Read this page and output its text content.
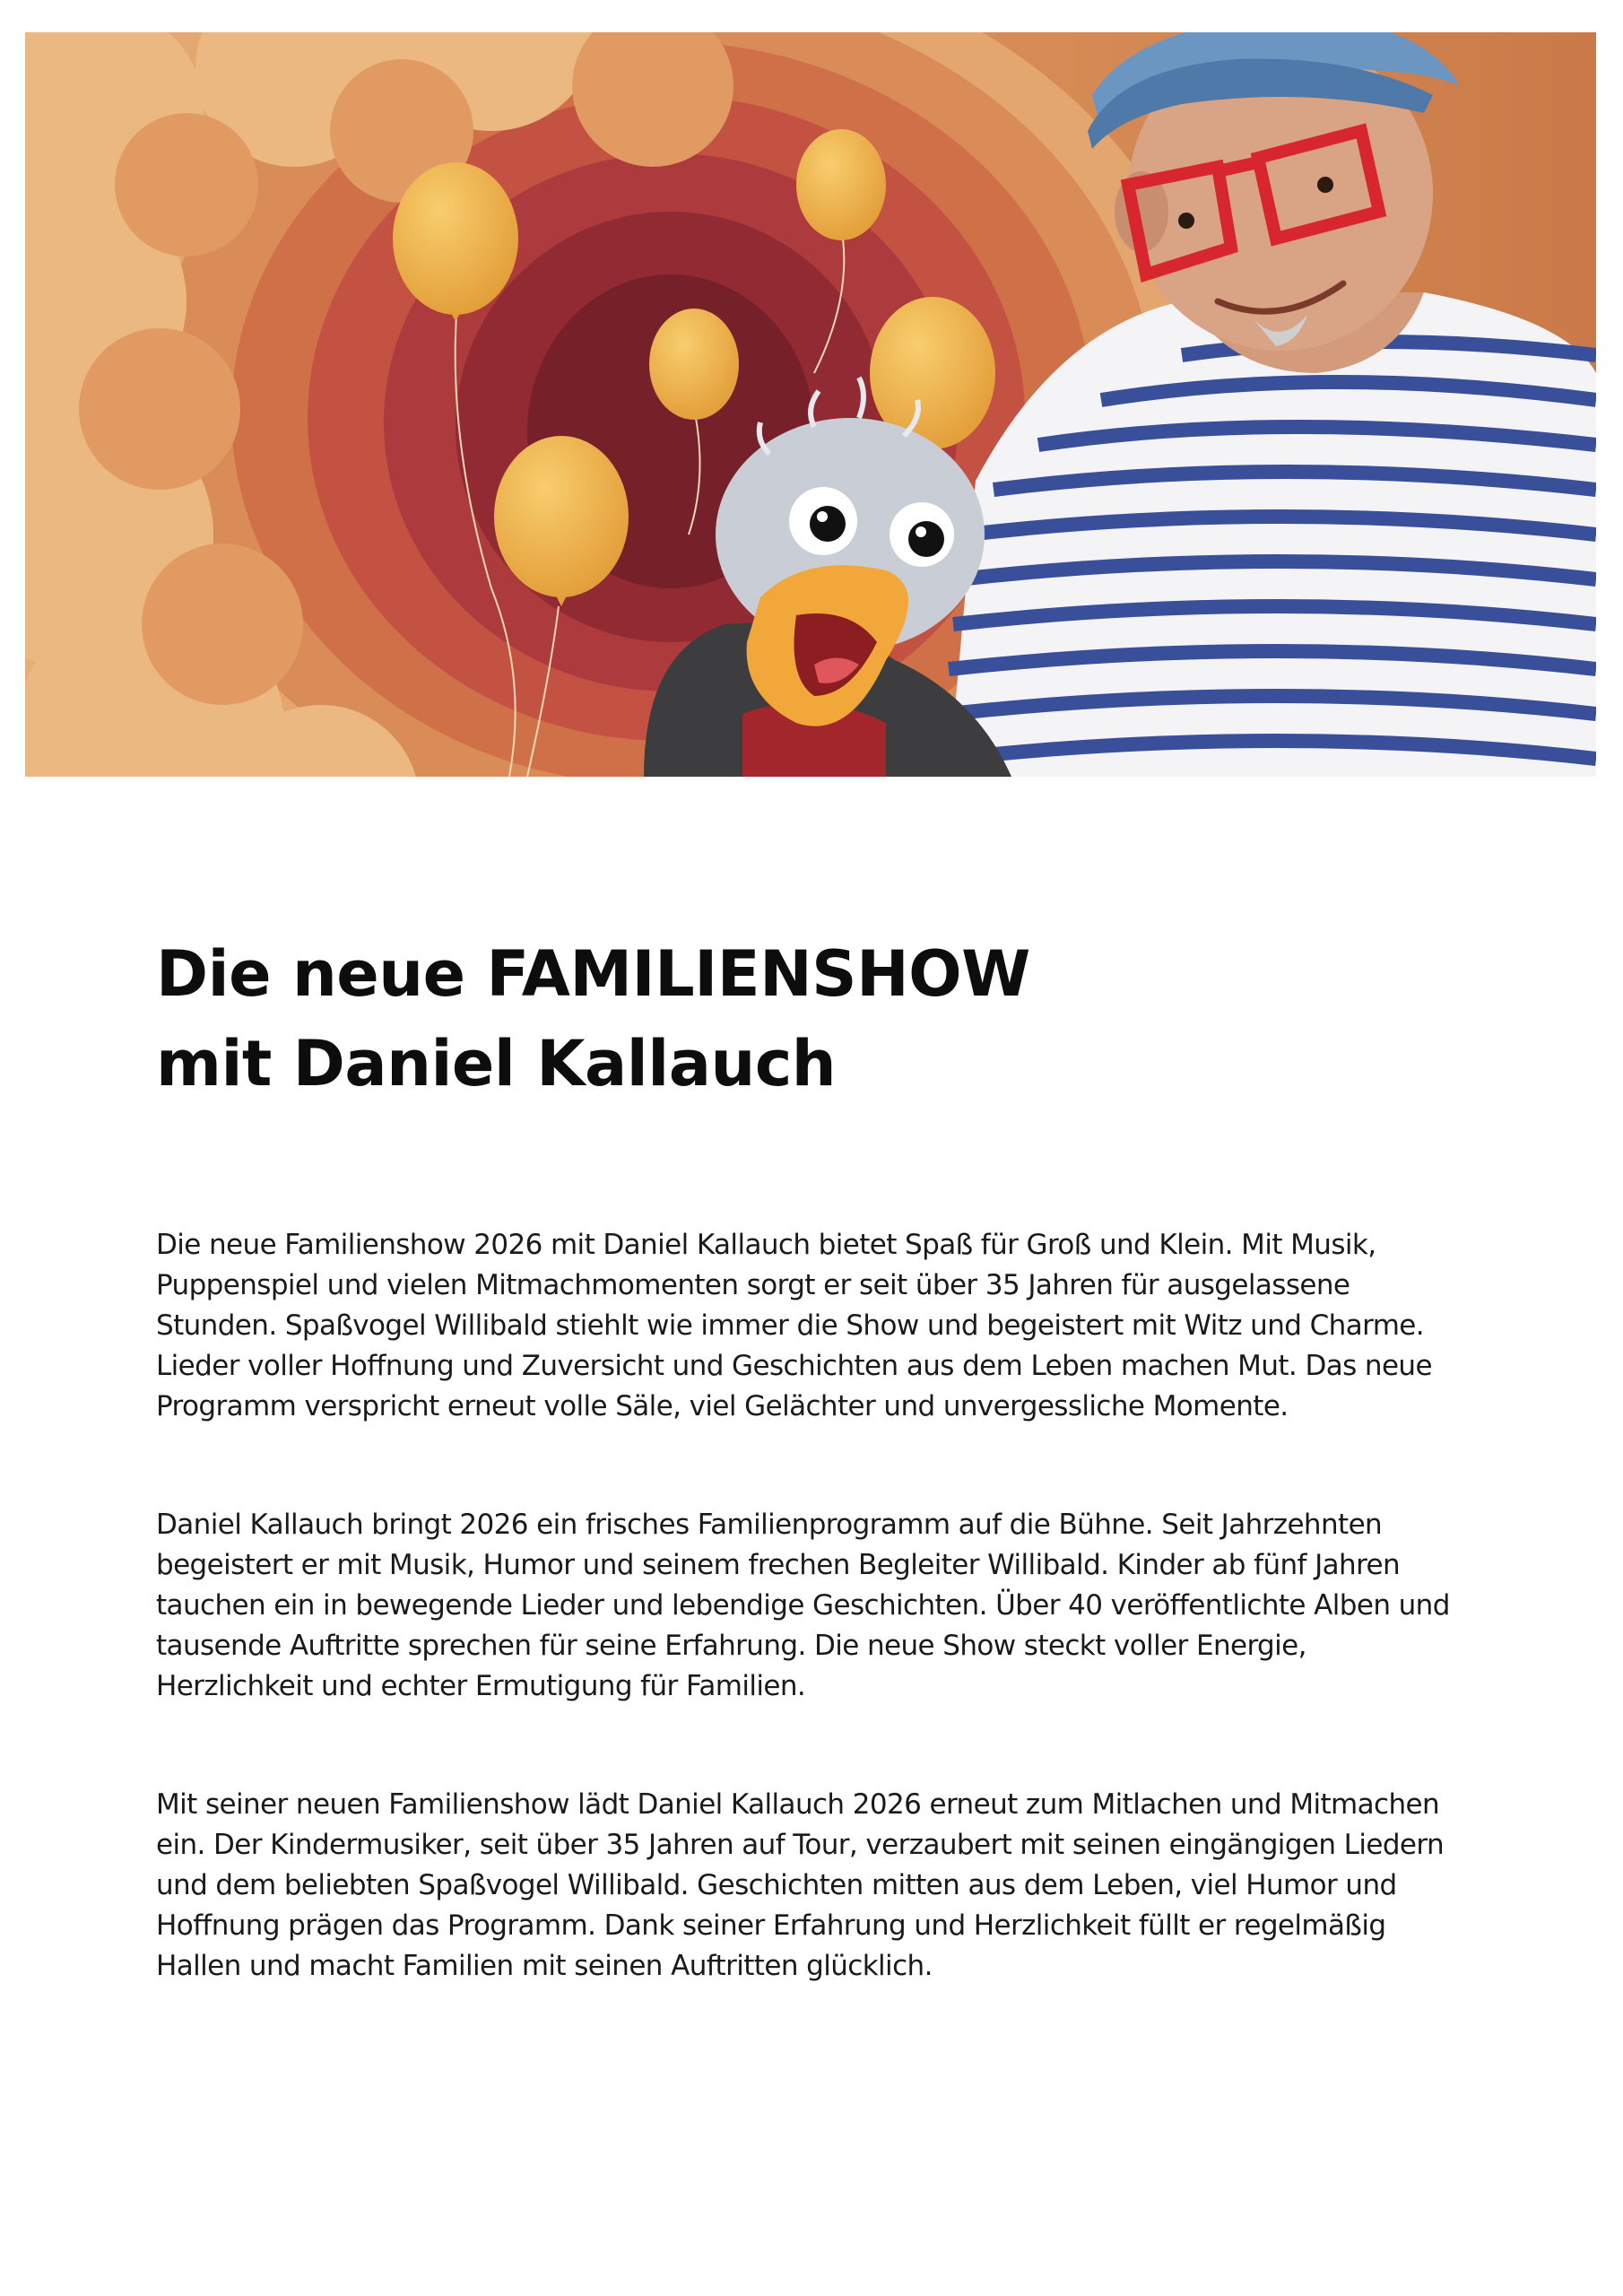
Die neue FAMILIENSHOW
mit Daniel Kallauch

Die neue Familienshow 2026 mit Daniel Kallauch bietet Spaß für Groß und Klein. Mit Musik, Puppenspiel und vielen Mitmachmomenten sorgt er seit über 35 Jahren für ausgelassene Stunden. Spaßvogel Willibald stiehlt wie immer die Show und begeistert mit Witz und Charme. Lieder voller Hoffnung und Zuversicht und Geschichten aus dem Leben machen Mut. Das neue Programm verspricht erneut volle Säle, viel Gelächter und unvergessliche Momente.

Daniel Kallauch bringt 2026 ein frisches Familienprogramm auf die Bühne. Seit Jahrzehnten begeistert er mit Musik, Humor und seinem frechen Begleiter Willibald. Kinder ab fünf Jahren tauchen ein in bewegende Lieder und lebendige Geschichten. Über 40 veröffentlichte Alben und tausende Auftritte sprechen für seine Erfahrung. Die neue Show steckt voller Energie, Herzlichkeit und echter Ermutigung für Familien.

Mit seiner neuen Familienshow lädt Daniel Kallauch 2026 erneut zum Mitlachen und Mitmachen ein. Der Kindermusiker, seit über 35 Jahren auf Tour, verzaubert mit seinen eingängigen Liedern und dem beliebten Spaßvogel Willibald. Geschichten mitten aus dem Leben, viel Humor und Hoffnung prägen das Programm. Dank seiner Erfahrung und Herzlichkeit füllt er regelmäßig Hallen und macht Familien mit seinen Auftritten glücklich.
